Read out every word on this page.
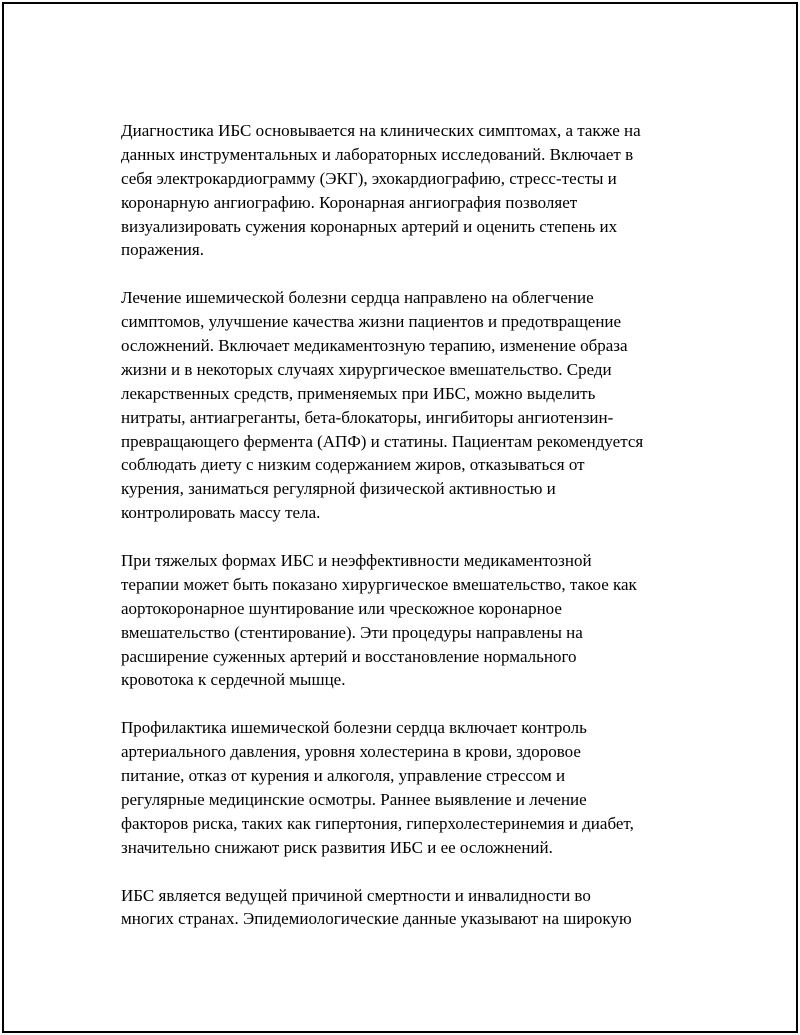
Диагностика ИБС основывается на клинических симптомах, а также на
данных инструментальных и лабораторных исследований. Включает в
себя электрокардиограмму (ЭКГ), эхокардиографию, стресс-тесты и
коронарную ангиографию. Коронарная ангиография позволяет
визуализировать сужения коронарных артерий и оценить степень их
поражения.
Лечение ишемической болезни сердца направлено на облегчение
симптомов, улучшение качества жизни пациентов и предотвращение
осложнений. Включает медикаментозную терапию, изменение образа
жизни и в некоторых случаях хирургическое вмешательство. Среди
лекарственных средств, применяемых при ИБС, можно выделить
нитраты, антиагреганты, бета-блокаторы, ингибиторы ангиотензин-
превращающего фермента (АПФ) и статины. Пациентам рекомендуется
соблюдать диету с низким содержанием жиров, отказываться от
курения, заниматься регулярной физической активностью и
контролировать массу тела.
При тяжелых формах ИБС и неэффективности медикаментозной
терапии может быть показано хирургическое вмешательство, такое как
аортокоронарное шунтирование или чрескожное коронарное
вмешательство (стентирование). Эти процедуры направлены на
расширение суженных артерий и восстановление нормального
кровотока к сердечной мышце.
Профилактика ишемической болезни сердца включает контроль
артериального давления, уровня холестерина в крови, здоровое
питание, отказ от курения и алкоголя, управление стрессом и
регулярные медицинские осмотры. Раннее выявление и лечение
факторов риска, таких как гипертония, гиперхолестеринемия и диабет,
значительно снижают риск развития ИБС и ее осложнений.
ИБС является ведущей причиной смертности и инвалидности во
многих странах. Эпидемиологические данные указывают на широкую
